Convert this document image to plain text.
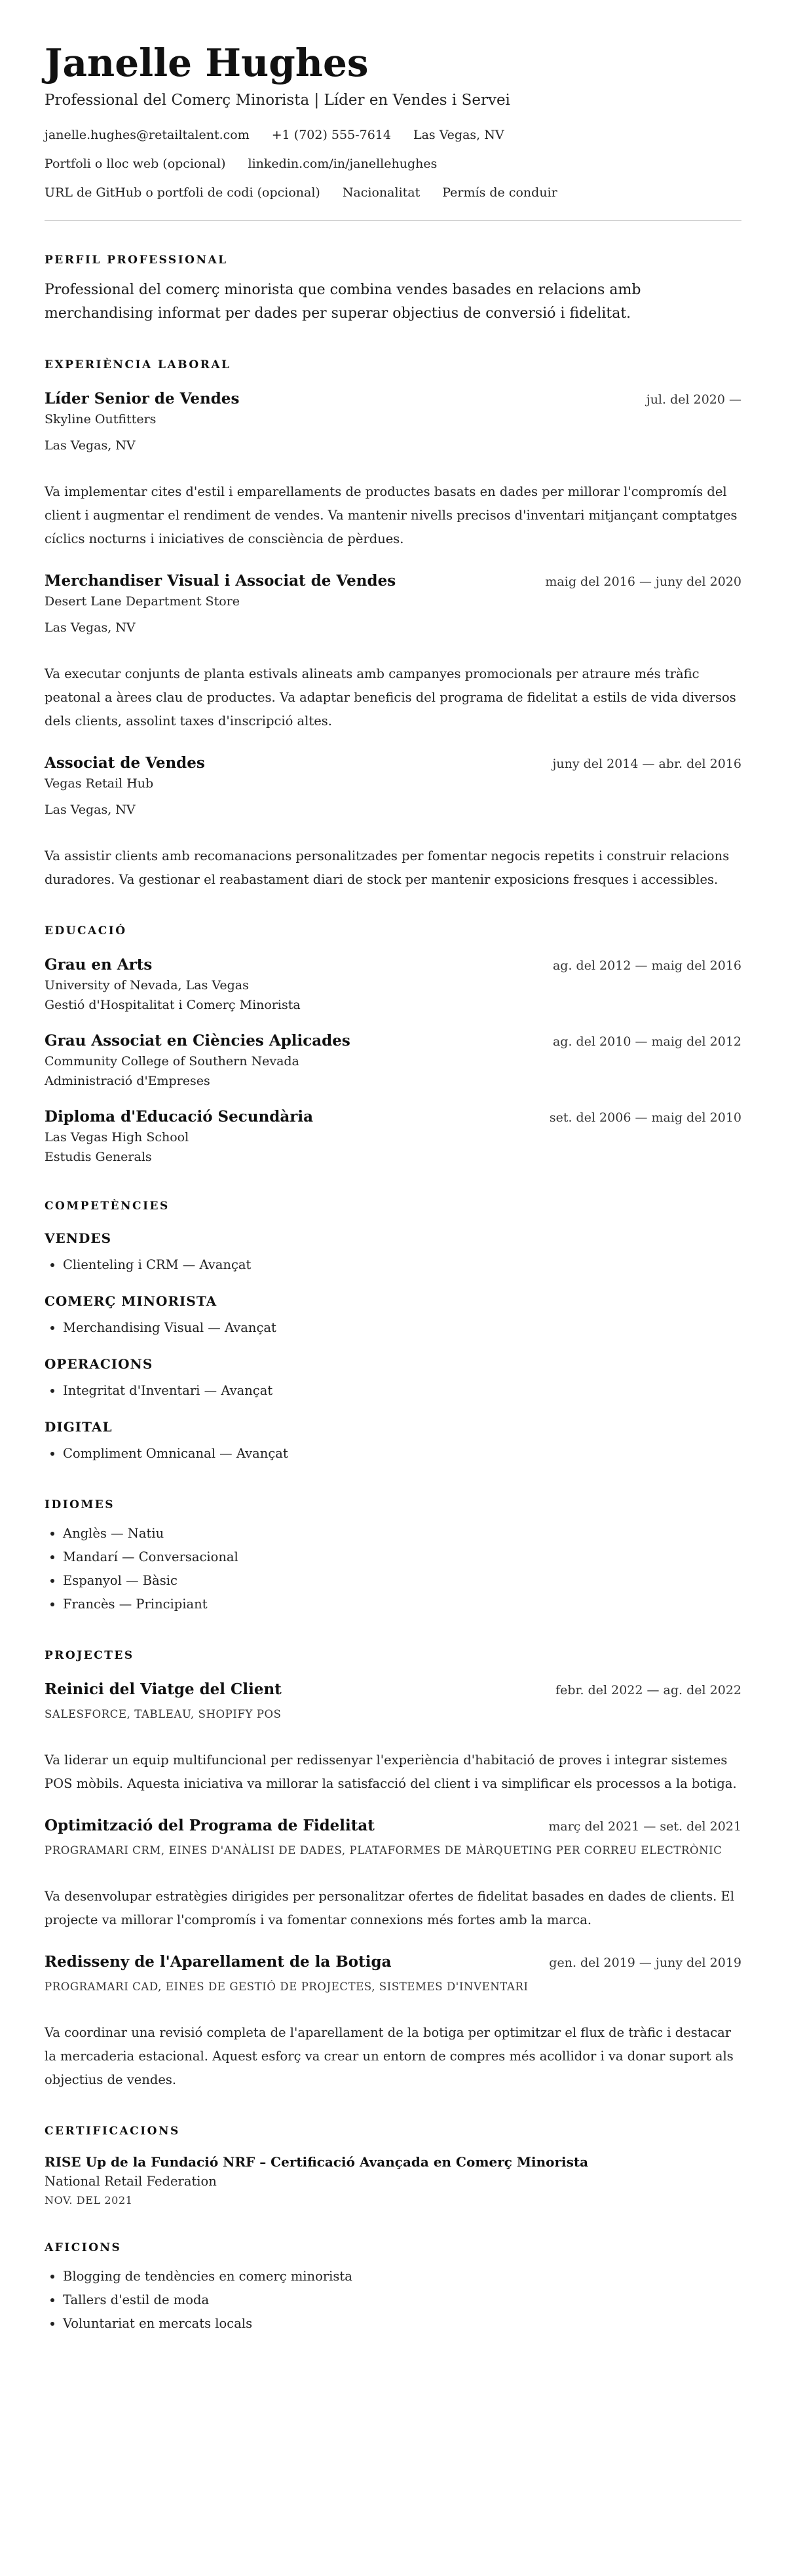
Janelle Hughes
Professional del Comerç Minorista | Líder en Vendes i Servei
janelle.hughes@retailtalent.com +1 (702) 555-7614 Las Vegas, NV
Portfoli o lloc web (opcional) linkedin.com/in/janellehughes
URL de GitHub o portfoli de codi (opcional) Nacionalitat Permís de conduir
PERFIL PROFESSIONAL
Professional del comerç minorista que combina vendes basades en relacions amb merchandising informat per dades per superar objectius de conversió i fidelitat.
EXPERIÈNCIA LABORAL
Líder Senior de Vendes	jul. del 2020 —
Skyline Outfitters
Las Vegas, NV
Va implementar cites d'estil i emparellaments de productes basats en dades per millorar l'compromís del client i augmentar el rendiment de vendes. Va mantenir nivells precisos d'inventari mitjançant comptatges cíclics nocturns i iniciatives de consciència de pèrdues.
Merchandiser Visual i Associat de Vendes	maig del 2016 — juny del 2020
Desert Lane Department Store
Las Vegas, NV
Va executar conjunts de planta estivals alineats amb campanyes promocionals per atraure més tràfic peatonal a àrees clau de productes. Va adaptar beneficis del programa de fidelitat a estils de vida diversos dels clients, assolint taxes d'inscripció altes.
Associat de Vendes	juny del 2014 — abr. del 2016
Vegas Retail Hub
Las Vegas, NV
Va assistir clients amb recomanacions personalitzades per fomentar negocis repetits i construir relacions duradores. Va gestionar el reabastament diari de stock per mantenir exposicions fresques i accessibles.
EDUCACIÓ
Grau en Arts	ag. del 2012 — maig del 2016
University of Nevada, Las Vegas
Gestió d'Hospitalitat i Comerç Minorista
Grau Associat en Ciències Aplicades	ag. del 2010 — maig del 2012
Community College of Southern Nevada
Administració d'Empreses
Diploma d'Educació Secundària	set. del 2006 — maig del 2010
Las Vegas High School
Estudis Generals
COMPETÈNCIES
VENDES
• Clienteling i CRM — Avançat
COMERÇ MINORISTA
• Merchandising Visual — Avançat
OPERACIONS
• Integritat d'Inventari — Avançat
DIGITAL
• Compliment Omnicanal — Avançat
IDIOMES
• Anglès — Natiu
• Mandarí — Conversacional
• Espanyol — Bàsic
• Francès — Principiant
PROJECTES
Reinici del Viatge del Client	febr. del 2022 — ag. del 2022
SALESFORCE, TABLEAU, SHOPIFY POS
Va liderar un equip multifuncional per redissenyar l'experiència d'habitació de proves i integrar sistemes POS mòbils. Aquesta iniciativa va millorar la satisfacció del client i va simplificar els processos a la botiga.
Optimització del Programa de Fidelitat	març del 2021 — set. del 2021
PROGRAMARI CRM, EINES D'ANÀLISI DE DADES, PLATAFORMES DE MÀRQUETING PER CORREU ELECTRÒNIC
Va desenvolupar estratègies dirigides per personalitzar ofertes de fidelitat basades en dades de clients. El projecte va millorar l'compromís i va fomentar connexions més fortes amb la marca.
Redisseny de l'Aparellament de la Botiga	gen. del 2019 — juny del 2019
PROGRAMARI CAD, EINES DE GESTIÓ DE PROJECTES, SISTEMES D'INVENTARI
Va coordinar una revisió completa de l'aparellament de la botiga per optimitzar el flux de tràfic i destacar la mercaderia estacional. Aquest esforç va crear un entorn de compres més acollidor i va donar suport als objectius de vendes.
CERTIFICACIONS
RISE Up de la Fundació NRF – Certificació Avançada en Comerç Minorista
National Retail Federation
NOV. DEL 2021
AFICIONS
• Blogging de tendències en comerç minorista
• Tallers d'estil de moda
• Voluntariat en mercats locals
